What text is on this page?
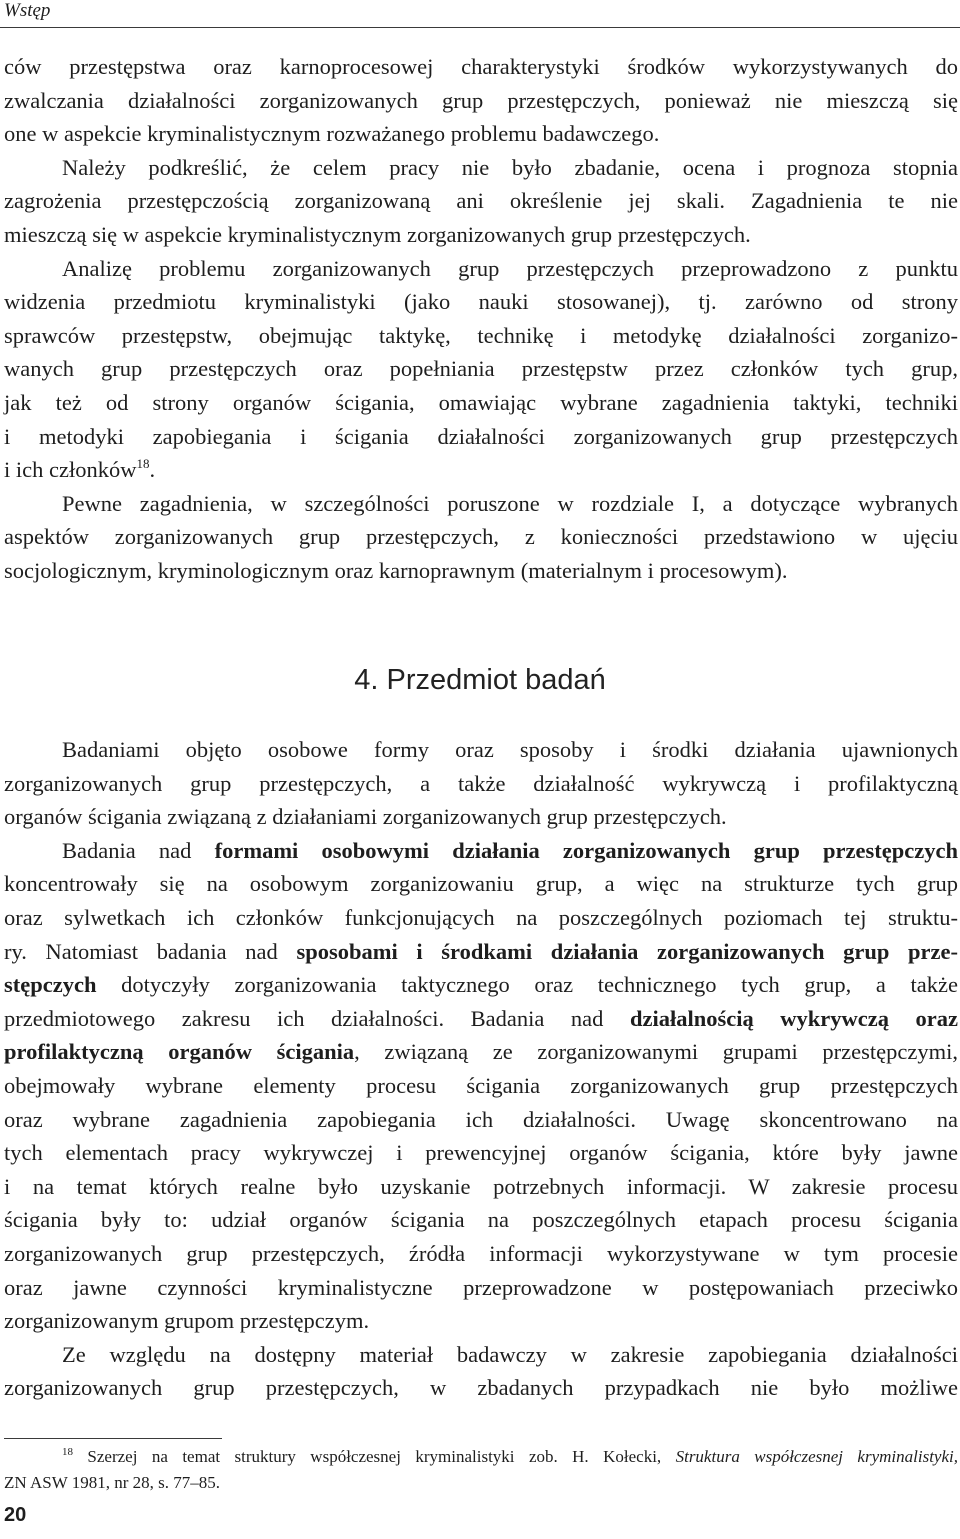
Wstęp
ców przestępstwa oraz karnoprocesowej charakterystyki środków wykorzystywanych do
zwalczania działalności zorganizowanych grup przestępczych, ponieważ nie mieszczą się
one w aspekcie kryminalistycznym rozważanego problemu badawczego.
Należy podkreślić, że celem pracy nie było zbadanie, ocena i prognoza stopnia
zagrożenia przestępczością zorganizowaną ani określenie jej skali. Zagadnienia te nie
mieszczą się w aspekcie kryminalistycznym zorganizowanych grup przestępczych.
Analizę problemu zorganizowanych grup przestępczych przeprowadzono z punktu
widzenia przedmiotu kryminalistyki (jako nauki stosowanej), tj. zarówno od strony
sprawców przestępstw, obejmując taktykę, technikę i metodykę działalności zorganizo-
wanych grup przestępczych oraz popełniania przestępstw przez członków tych grup,
jak też od strony organów ścigania, omawiając wybrane zagadnienia taktyki, techniki
i metodyki zapobiegania i ścigania działalności zorganizowanych grup przestępczych
i ich członków$^{18}$.
Pewne zagadnienia, w szczególności poruszone w rozdziale I, a dotyczące wybranych
aspektów zorganizowanych grup przestępczych, z konieczności przedstawiono w ujęciu
socjologicznym, kryminologicznym oraz karnoprawnym (materialnym i procesowym).
4. Przedmiot badań
Badaniami objęto osobowe formy oraz sposoby i środki działania ujawnionych
zorganizowanych grup przestępczych, a także działalność wykrywczą i profilaktyczną
organów ścigania związaną z działaniami zorganizowanych grup przestępczych.
Badania nad formami osobowymi działania zorganizowanych grup przestępczych
koncentrowały się na osobowym zorganizowaniu grup, a więc na strukturze tych grup
oraz sylwetkach ich członków funkcjonujących na poszczególnych poziomach tej struktu-
ry. Natomiast badania nad sposobami i środkami działania zorganizowanych grup prze-
stępczych dotyczyły zorganizowania taktycznego oraz technicznego tych grup, a także
przedmiotowego zakresu ich działalności. Badania nad działalnością wykrywczą oraz
profilaktyczną organów ścigania, związaną ze zorganizowanymi grupami przestępczymi,
obejmowały wybrane elementy procesu ścigania zorganizowanych grup przestępczych
oraz wybrane zagadnienia zapobiegania ich działalności. Uwagę skoncentrowano na
tych elementach pracy wykrywczej i prewencyjnej organów ścigania, które były jawne
i na temat których realne było uzyskanie potrzebnych informacji. W zakresie procesu
ścigania były to: udział organów ścigania na poszczególnych etapach procesu ścigania
zorganizowanych grup przestępczych, źródła informacji wykorzystywane w tym procesie
oraz jawne czynności kryminalistyczne przeprowadzone w postępowaniach przeciwko
zorganizowanym grupom przestępczym.
Ze względu na dostępny materiał badawczy w zakresie zapobiegania działalności
zorganizowanych grup przestępczych, w zbadanych przypadkach nie było możliwe
$^{18}$ Szerzej na temat struktury współczesnej kryminalistyki zob. H. Kołecki, Struktura współczesnej kryminalistyki,
ZN ASW 1981, nr 28, s. 77–85.
20
